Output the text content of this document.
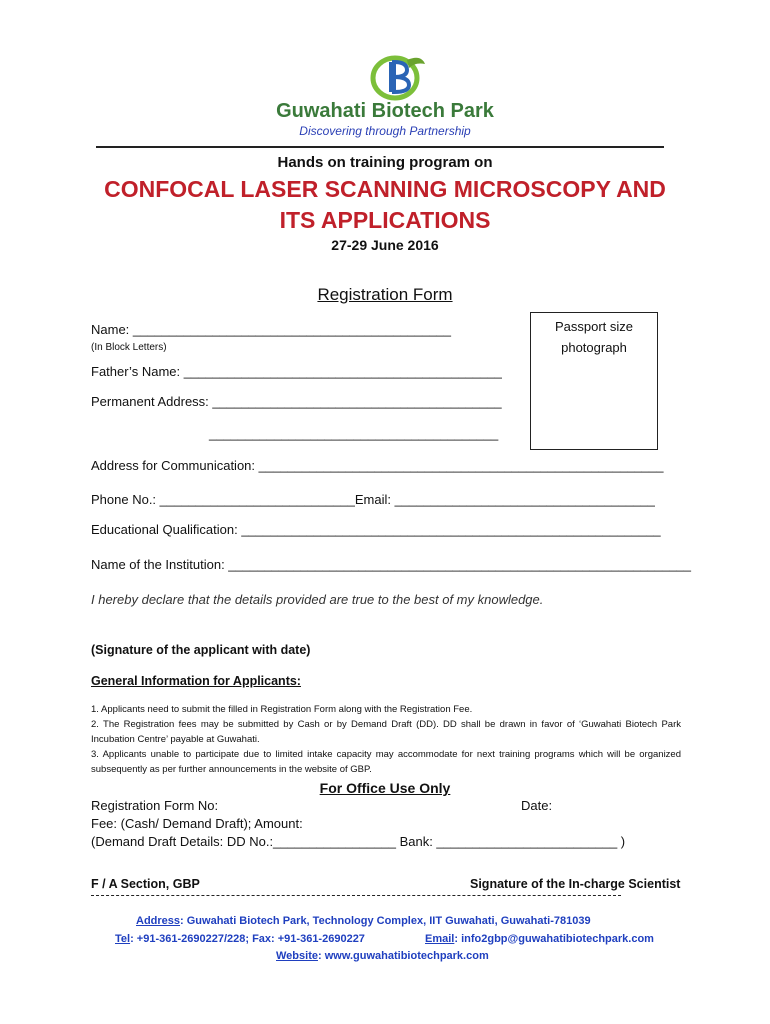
Guwahati Biotech Park
Discovering through Partnership
Hands on training program on
CONFOCAL LASER SCANNING MICROSCOPY AND
ITS APPLICATIONS
27-29 June 2016
Registration Form
Passport size
photograph
Name: ____________________________________________
(In Block Letters)
Father’s Name: ____________________________________________
Permanent Address: ________________________________________
________________________________________
Address for Communication: ________________________________________________________
Phone No.: ___________________________Email: ____________________________________
Educational Qualification: __________________________________________________________
Name of the Institution: ________________________________________________________________
I hereby declare that the details provided are true to the best of my knowledge.
(Signature of the applicant with date)
General Information for Applicants:
1. Applicants need to submit the filled in Registration Form along with the Registration Fee.
2. The Registration fees may be submitted by Cash or by Demand Draft (DD). DD shall be drawn in favor of ‘Guwahati Biotech Park Incubation Centre’ payable at Guwahati.
3. Applicants unable to participate due to limited intake capacity may accommodate for next training programs which will be organized subsequently as per further announcements in the website of GBP.
For Office Use Only
Registration Form No:	Date:
Fee: (Cash/ Demand Draft); Amount:
(Demand Draft Details: DD No.:_________________ Bank: _________________________ )
F / A Section, GBP	Signature of the In-charge Scientist
Address: Guwahati Biotech Park, Technology Complex, IIT Guwahati, Guwahati-781039
Tel: +91-361-2690227/228; Fax: +91-361-2690227	Email: info2gbp@guwahatibiotechpark.com
Website: www.guwahatibiotechpark.com
